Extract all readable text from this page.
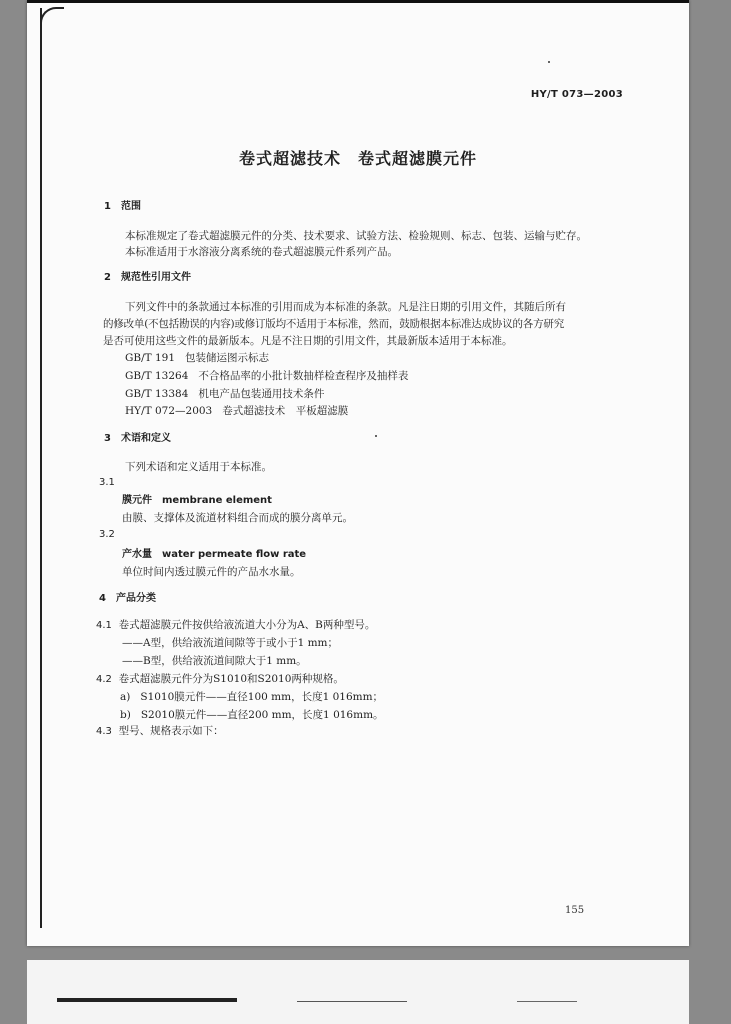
HY/T 073—2003
卷式超滤技术　卷式超滤膜元件
1 范围
本标准规定了卷式超滤膜元件的分类、技术要求、试验方法、检验规则、标志、包装、运输与贮存。
本标准适用于水溶液分离系统的卷式超滤膜元件系列产品。
2 规范性引用文件
下列文件中的条款通过本标准的引用而成为本标准的条款。凡是注日期的引用文件，其随后所有
的修改单(不包括勘误的内容)或修订版均不适用于本标准，然而，鼓励根据本标准达成协议的各方研究
是否可使用这些文件的最新版本。凡是不注日期的引用文件，其最新版本适用于本标准。
GB/T 191 包装储运图示标志
GB/T 13264 不合格品率的小批计数抽样检查程序及抽样表
GB/T 13384 机电产品包装通用技术条件
HY/T 072—2003 卷式超滤技术　平板超滤膜
3 术语和定义
下列术语和定义适用于本标准。
3.1
膜元件 membrane element
由膜、支撑体及流道材料组合而成的膜分离单元。
3.2
产水量 water permeate flow rate
单位时间内透过膜元件的产品水水量。
4 产品分类
4.1 卷式超滤膜元件按供给液流道大小分为A、B两种型号。
——A型，供给液流道间隙等于或小于1 mm；
——B型，供给液流道间隙大于1 mm。
4.2 卷式超滤膜元件分为S1010和S2010两种规格。
a) S1010膜元件——直径100 mm，长度1 016mm；
b) S2010膜元件——直径200 mm，长度1 016mm。
4.3 型号、规格表示如下：
155
